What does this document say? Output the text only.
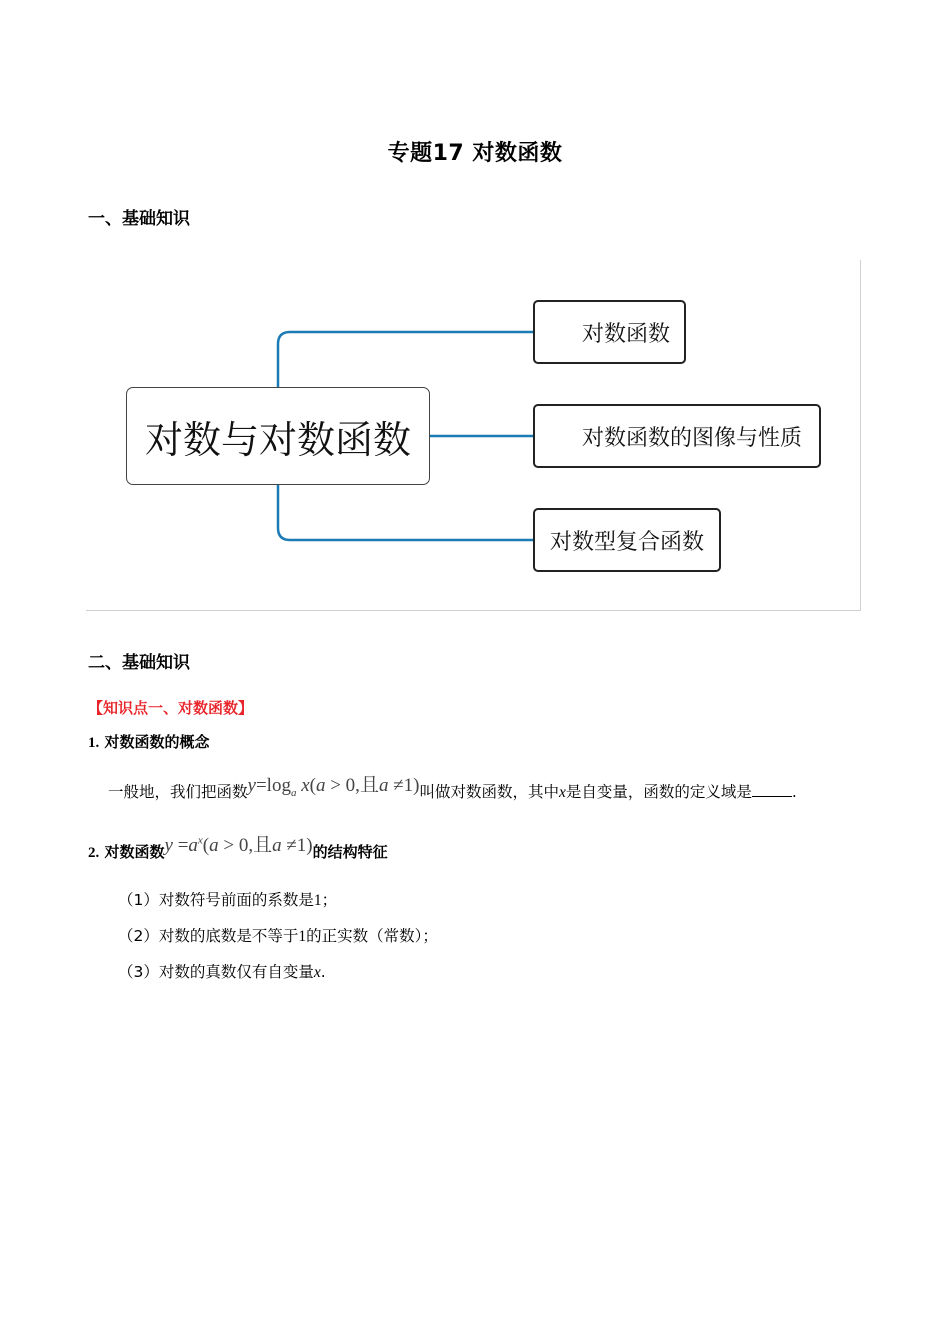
专题17 对数函数
一、基础知识
对数与对数函数
对数函数
对数函数的图像与性质
对数型复合函数
二、基础知识
【知识点一、对数函数】
1. 对数函数的概念
一般地，我们把函数$y=\log_a$ x(a > 0,且a ≠1)叫做对数函数，其中x是自变量，函数的定义域是	.
2. 对数函数$y =a^x(a > 0$,且a ≠1)的结构特征
（1）对数符号前面的系数是1；
（2）对数的底数是不等于1的正实数（常数）；
（3）对数的真数仅有自变量x.
